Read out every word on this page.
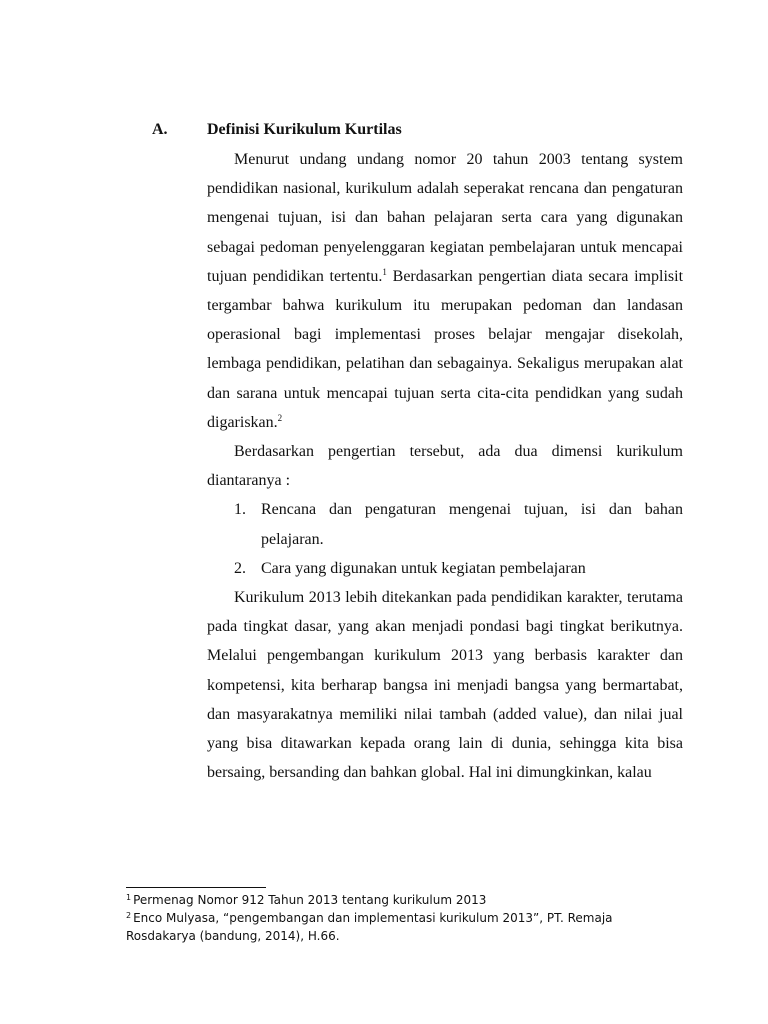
A.	Definisi Kurikulum Kurtilas

Menurut undang undang nomor 20 tahun 2003 tentang system pendidikan nasional, kurikulum adalah seperakat rencana dan pengaturan mengenai tujuan, isi dan bahan pelajaran serta cara yang digunakan sebagai pedoman penyelenggaran kegiatan pembelajaran untuk mencapai tujuan pendidikan tertentu.$^1$ Berdasarkan pengertian diata secara implisit tergambar bahwa kurikulum itu merupakan pedoman dan landasan operasional bagi implementasi proses belajar mengajar disekolah, lembaga pendidikan, pelatihan dan sebagainya. Sekaligus merupakan alat dan sarana untuk mencapai tujuan serta cita-cita pendidkan yang sudah digariskan.$^2$

Berdasarkan pengertian tersebut, ada dua dimensi kurikulum diantaranya :

1. Rencana dan pengaturan mengenai tujuan, isi dan bahan pelajaran.
2. Cara yang digunakan untuk kegiatan pembelajaran

Kurikulum 2013 lebih ditekankan pada pendidikan karakter, terutama pada tingkat dasar, yang akan menjadi pondasi bagi tingkat berikutnya. Melalui pengembangan kurikulum 2013 yang berbasis karakter dan kompetensi, kita berharap bangsa ini menjadi bangsa yang bermartabat, dan masyarakatnya memiliki nilai tambah (added value), dan nilai jual yang bisa ditawarkan kepada orang lain di dunia, sehingga kita bisa bersaing, bersanding dan bahkan global. Hal ini dimungkinkan, kalau

$^1$ Permenag Nomor 912 Tahun 2013 tentang kurikulum 2013

$^2$ Enco Mulyasa, “pengembangan dan implementasi kurikulum 2013”, PT. Remaja Rosdakarya (bandung, 2014), H.66.
